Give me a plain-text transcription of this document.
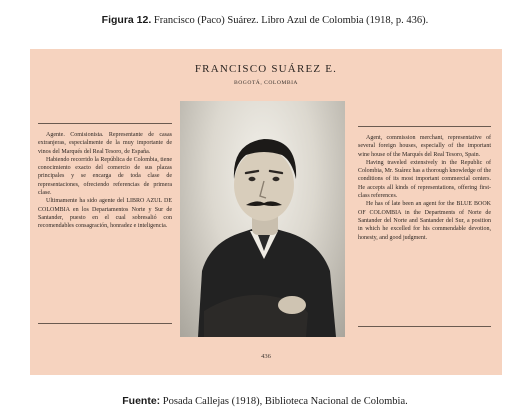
Figura 12. Francisco (Paco) Suárez. Libro Azul de Colombia (1918, p. 436).
FRANCISCO SUÁREZ E.
BOGOTÁ, COLOMBIA

Agente. Comisionista. Representante de casas extranjeras, especialmente de la muy importante de vinos del Marqués del Real Tesoro, de España.

Habiendo recorrido la República de Colombia, tiene conocimiento exacto del comercio de sus plazas principales y se encarga de toda clase de representaciones, ofreciendo referencias de primera clase.

Ultimamente ha sido agente del LIBRO AZUL DE COLOMBIA en los Departamentos Norte y Sur de Santander, puesto en el cual sobresalió con recomendables consagración, honradez e inteligencia.

Agent, commission merchant, representative of several foreign houses, especially of the important wine house of the Marqués del Real Tesoro, Spain.

Having traveled extensively in the Republic of Colombia, Mr. Suárez has a thorough knowledge of the conditions of its most important commercial centers. He accepts all kinds of representations, offering first-class references.

He has of late been an agent for the BLUE BOOK OF COLOMBIA in the Departments of Norte de Santander del Norte and Santander del Sur, a position in which he excelled for his commendable devotion, honesty, and good judgment.

436
Fuente: Posada Callejas (1918), Biblioteca Nacional de Colombia.
